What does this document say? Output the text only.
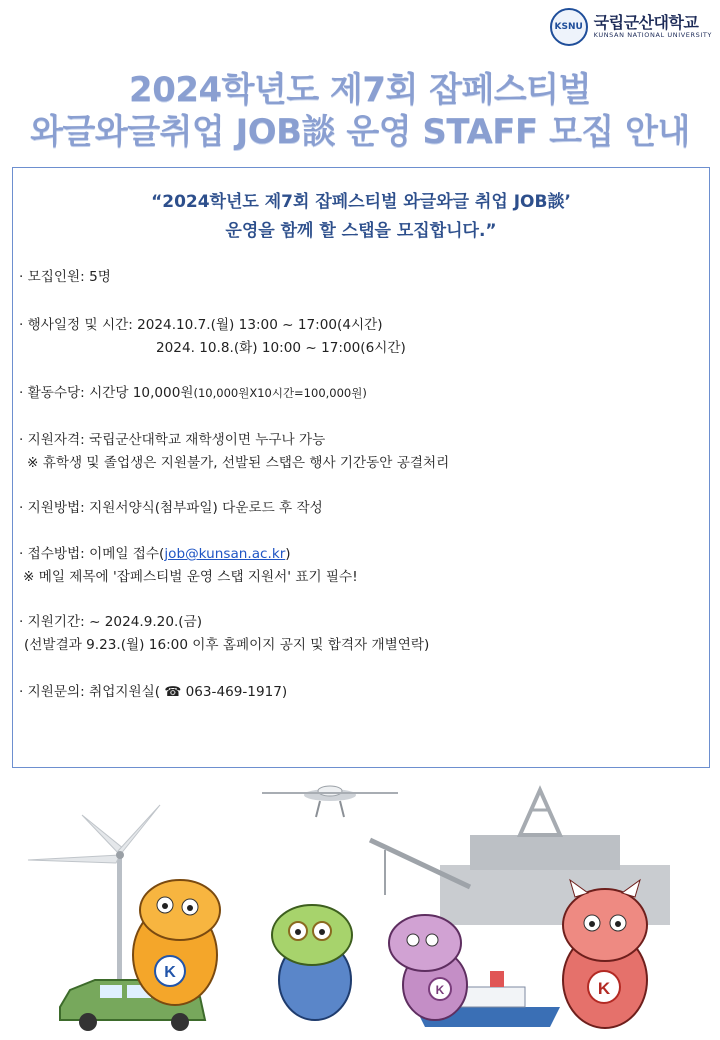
KSNU 국립군산대학교
KUNSAN NATIONAL UNIVERSITY
2024학년도 제7회 잡페스티벌
와글와글취업 JOB談 운영 STAFF 모집 안내
“2024학년도 제7회 잡페스티벌 와글와글 취업 JOB談’
운영을 함께 할 스탭을 모집합니다.”
· 모집인원: 5명
· 행사일정 및 시간: 2024.10.7.(월) 13:00 ~ 17:00(4시간)
2024. 10.8.(화) 10:00 ~ 17:00(6시간)
· 활동수당: 시간당 10,000원(10,000원X10시간=100,000원)
· 지원자격: 국립군산대학교 재학생이면 누구나 가능
※ 휴학생 및 졸업생은 지원불가, 선발된 스탭은 행사 기간동안 공결처리
· 지원방법: 지원서양식(첨부파일) 다운로드 후 작성
· 접수방법: 이메일 접수(job@kunsan.ac.kr)
※ 메일 제목에 '잡페스티벌 운영 스탭 지원서' 표기 필수!
· 지원기간: ~ 2024.9.20.(금)
(선발결과 9.23.(월) 16:00 이후 홈페이지 공지 및 합격자 개별연락)
· 지원문의: 취업지원실( ☎ 063-469-1917)
K
K	K
